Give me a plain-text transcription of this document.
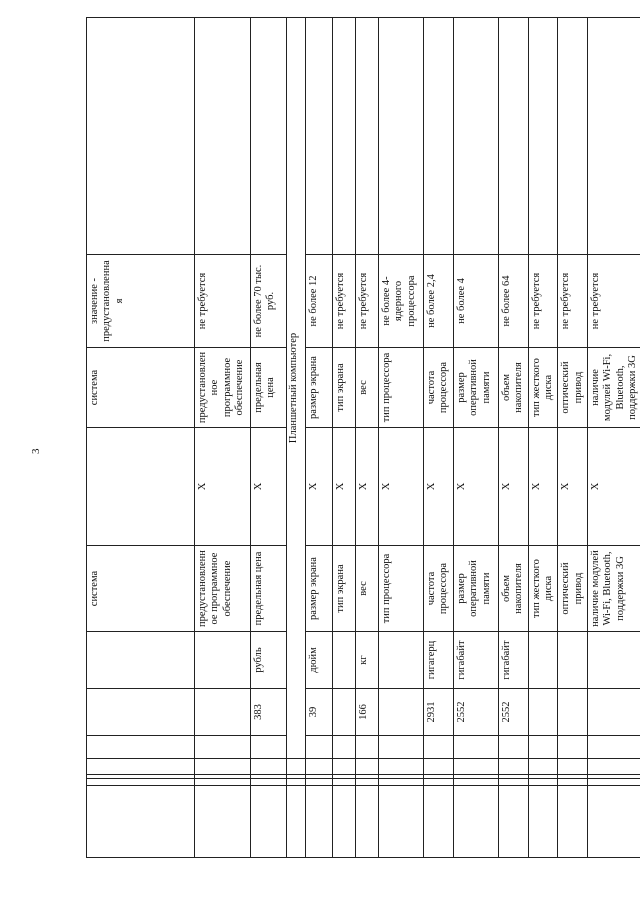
3
							система		система	значение - предустановленная	
							предустановленное программное обеспечение	X	предустановленное программное обеспечение	не требуется	
					383	рубль	предельная цена	X	предельная цена	не более 70 тыс. руб.	
				Планшетный компьютер							
					39	дюйм	размер экрана	X	размер экрана	не более 12	
							тип экрана	X	тип экрана	не требуется	
					166	кг	вес	X	вес	не требуется	
							тип процессора	X	тип процессора	не более 4-ядерного процессора	
					2931	гигагерц	частота процессора	X	частота процессора	не более 2,4	
					2552	гигабайт	размер оперативной памяти	X	размер оперативной памяти	не более 4	
					2552	гигабайт	объем накопителя	X	объем накопителя	не более 64	
							тип жесткого диска	X	тип жесткого диска	не требуется	
							оптический привод	X	оптический привод	не требуется	
							наличие модулей Wi-Fi, Bluetooth, поддержки 3G	X	наличие модулей Wi-Fi, Bluetooth, поддержки 3G	не требуется	
